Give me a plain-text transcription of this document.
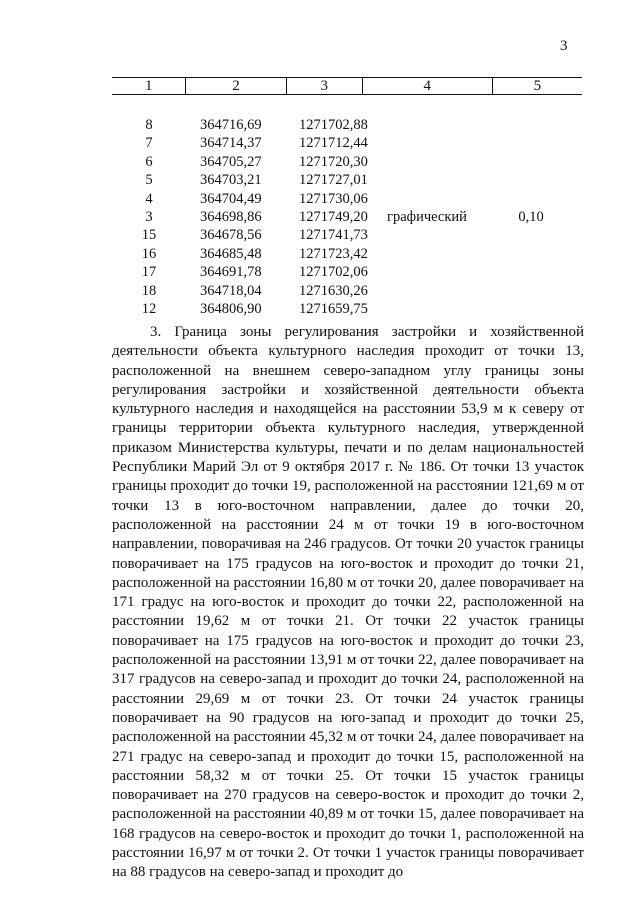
3
1	2	3	4	5
8	364716,69	1271702,88
7	364714,37	1271712,44
6	364705,27	1271720,30
5	364703,21	1271727,01
4	364704,49	1271730,06
3	364698,86	1271749,20	графический	0,10
15	364678,56	1271741,73
16	364685,48	1271723,42
17	364691,78	1271702,06
18	364718,04	1271630,26
12	364806,90	1271659,75

3. Граница зоны регулирования застройки и хозяйственной деятельности объекта культурного наследия проходит от точки 13, расположенной на внешнем северо-западном углу границы зоны регулирования застройки и хозяйственной деятельности объекта культурного наследия и находящейся на расстоянии 53,9 м к северу от границы территории объекта культурного наследия, утвержденной приказом Министерства культуры, печати и по делам национальностей Республики Марий Эл от 9 октября 2017 г. № 186. От точки 13 участок границы проходит до точки 19, расположенной на расстоянии 121,69 м от точки 13 в юго-восточном направлении, далее до точки 20, расположенной на расстоянии 24 м от точки 19 в юго-восточном направлении, поворачивая на 246 градусов. От точки 20 участок границы поворачивает на 175 градусов на юго-восток и проходит до точки 21, расположенной на расстоянии 16,80 м от точки 20, далее поворачивает на 171 градус на юго-восток и проходит до точки 22, расположенной на расстоянии 19,62 м от точки 21. От точки 22 участок границы поворачивает на 175 градусов на юго-восток и проходит до точки 23, расположенной на расстоянии 13,91 м от точки 22, далее поворачивает на 317 градусов на северо-запад и проходит до точки 24, расположенной на расстоянии 29,69 м от точки 23. От точки 24 участок границы поворачивает на 90 градусов на юго-запад и проходит до точки 25, расположенной на расстоянии 45,32 м от точки 24, далее поворачивает на 271 градус на северо-запад и проходит до точки 15, расположенной на расстоянии 58,32 м от точки 25. От точки 15 участок границы поворачивает на 270 градусов на северо-восток и проходит до точки 2, расположенной на расстоянии 40,89 м от точки 15, далее поворачивает на 168 градусов на северо-восток и проходит до точки 1, расположенной на расстоянии 16,97 м от точки 2. От точки 1 участок границы поворачивает на 88 градусов на северо-запад и проходит до
